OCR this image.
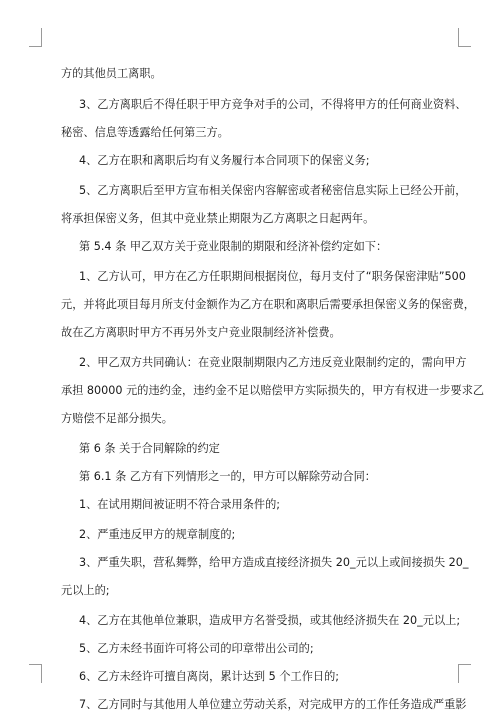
方的其他员工离职。
3、乙方离职后不得任职于甲方竞争对手的公司，不得将甲方的任何商业资料、
秘密、信息等透露给任何第三方。
4、乙方在职和离职后均有义务履行本合同项下的保密义务;
5、乙方离职后至甲方宣布相关保密内容解密或者秘密信息实际上已经公开前，
将承担保密义务，但其中竞业禁止期限为乙方离职之日起两年。
第 5.4 条 甲乙双方关于竞业限制的期限和经济补偿约定如下：
1、乙方认可，甲方在乙方任职期间根据岗位，每月支付了“职务保密津贴”500
元，并将此项目每月所支付金额作为乙方在职和离职后需要承担保密义务的保密费，
故在乙方离职时甲方不再另外支户竞业限制经济补偿费。
2、甲乙双方共同确认：在竞业限制期限内乙方违反竞业限制约定的，需向甲方
承担 80000 元的违约金，违约金不足以赔偿甲方实际损失的，甲方有权进一步要求乙
方赔偿不足部分损失。
第 6 条 关于合同解除的约定
第 6.1 条 乙方有下列情形之一的，甲方可以解除劳动合同：
1、在试用期间被证明不符合录用条件的;
2、严重违反甲方的规章制度的;
3、严重失职，营私舞弊，给甲方造成直接经济损失 20_元以上或间接损失 20_
元以上的;
4、乙方在其他单位兼职，造成甲方名誉受损，或其他经济损失在 20_元以上;
5、乙方未经书面许可将公司的印章带出公司的;
6、乙方未经许可擅自离岗，累计达到 5 个工作日的;
7、乙方同时与其他用人单位建立劳动关系，对完成甲方的工作任务造成严重影
